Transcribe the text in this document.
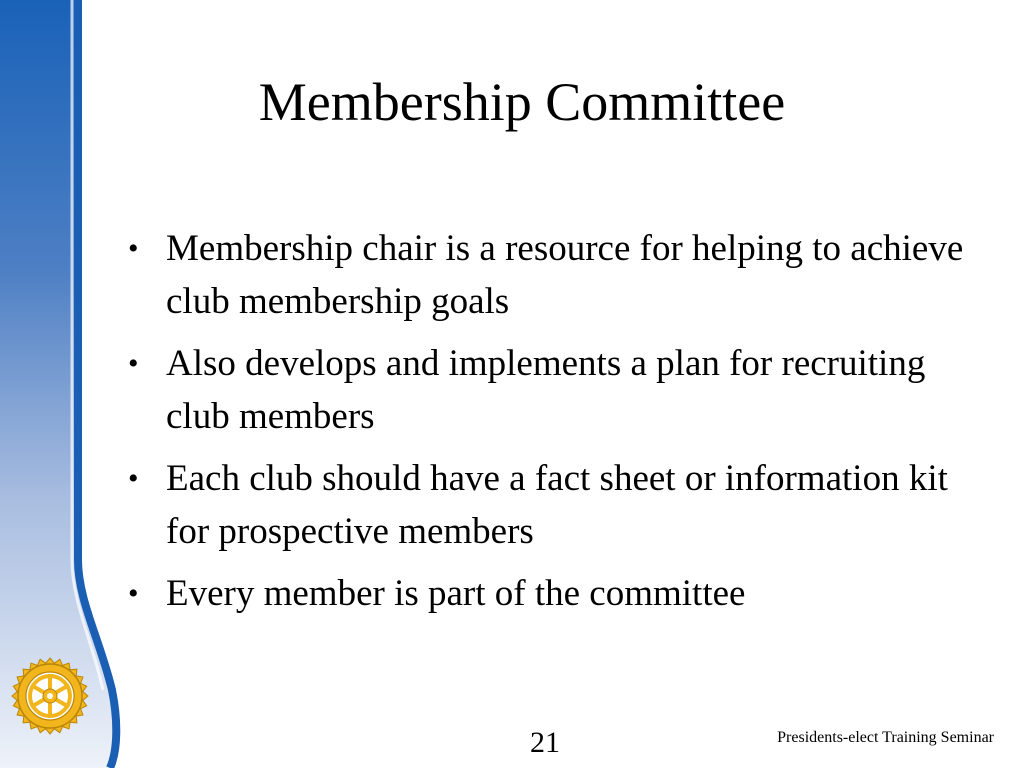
Membership Committee
• Membership chair is a resource for helping to achieve club membership goals
• Also develops and implements a plan for recruiting club members
• Each club should have a fact sheet or information kit for prospective members
• Every member is part of the committee
21	Presidents-elect Training Seminar
